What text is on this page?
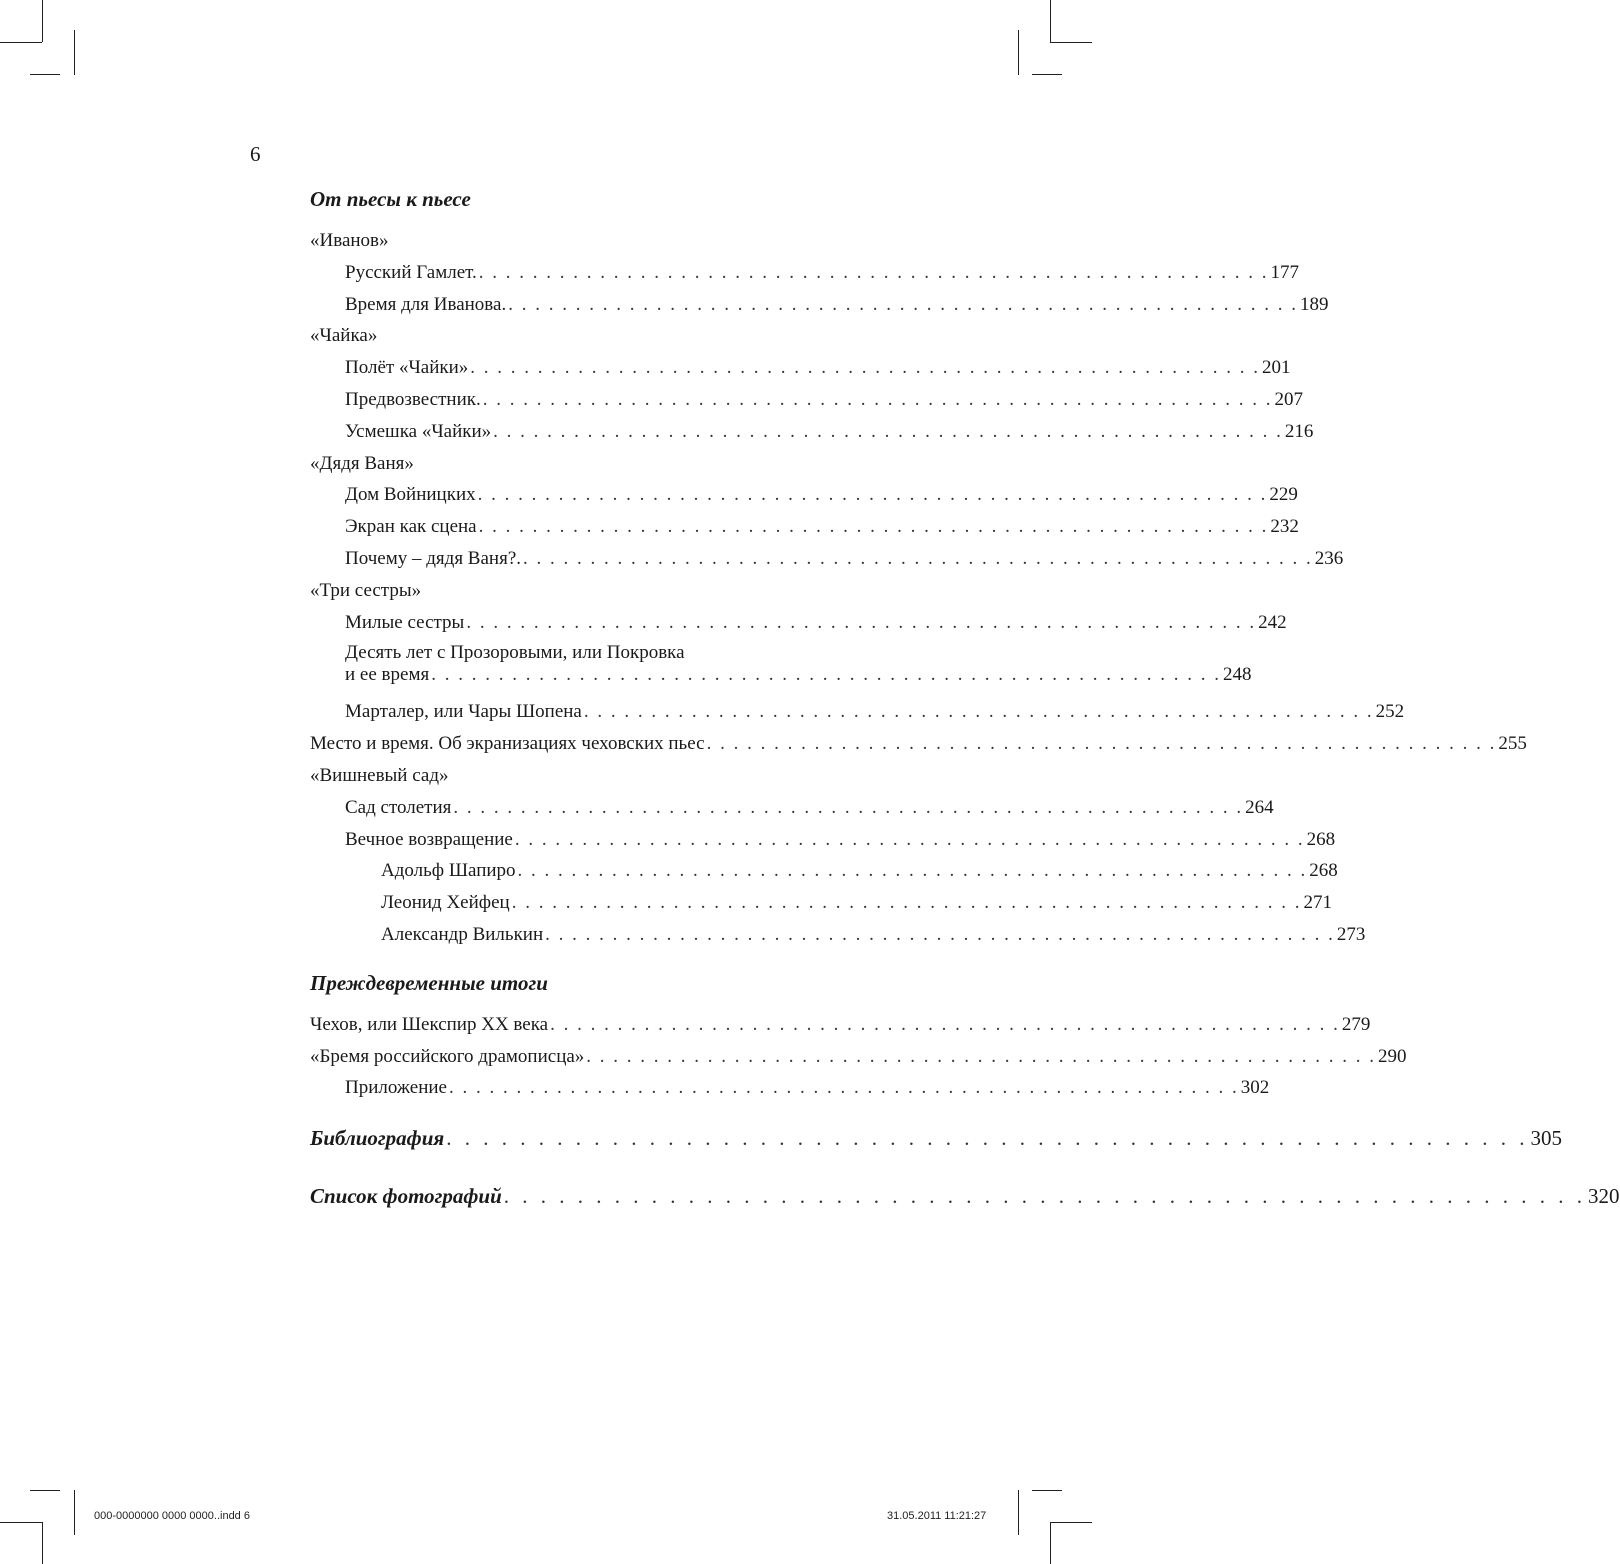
6
От пьесы к пьесе
«Иванов»
Русский Гамлет. . . . . . . . . . . . . . . . . . . . . . . . . . . . . . . . . . . . . . . . . . . . . . . . . . . . . . . . . . . . 177
Время для Иванова. . . . . . . . . . . . . . . . . . . . . . . . . . . . . . . . . . . . . . . . . . . . . . . . . . . . . . . . . . . . 189
«Чайка»
Полёт «Чайки» . . . . . . . . . . . . . . . . . . . . . . . . . . . . . . . . . . . . . . . . . . . . . . . . . . . . . . . . . . . 201
Предвозвестник. . . . . . . . . . . . . . . . . . . . . . . . . . . . . . . . . . . . . . . . . . . . . . . . . . . . . . . . . . . . 207
Усмешка «Чайки» . . . . . . . . . . . . . . . . . . . . . . . . . . . . . . . . . . . . . . . . . . . . . . . . . . . . . . . . . . . 216
«Дядя Ваня»
Дом Войницких . . . . . . . . . . . . . . . . . . . . . . . . . . . . . . . . . . . . . . . . . . . . . . . . . . . . . . . . . . . 229
Экран как сцена . . . . . . . . . . . . . . . . . . . . . . . . . . . . . . . . . . . . . . . . . . . . . . . . . . . . . . . . . . . 232
Почему – дядя Ваня?. . . . . . . . . . . . . . . . . . . . . . . . . . . . . . . . . . . . . . . . . . . . . . . . . . . . . . . . . . . . 236
«Три сестры»
Милые сестры . . . . . . . . . . . . . . . . . . . . . . . . . . . . . . . . . . . . . . . . . . . . . . . . . . . . . . . . . . . 242
Десять лет с Прозоровыми, или Покровка
и ее время . . . . . . . . . . . . . . . . . . . . . . . . . . . . . . . . . . . . . . . . . . . . . . . . . . . . . . . . . . . 248
Марталер, или Чары Шопена . . . . . . . . . . . . . . . . . . . . . . . . . . . . . . . . . . . . . . . . . . . . . . . . . . . . . . . . . . . 252
Место и время. Об экранизациях чеховских пьес . . . . . . . . . . . . . . . . . . . . . . . . . . . . . . . . . . . . . . . . . . . . . . . . . . . . . . . . . . . 255
«Вишневый сад»
Сад столетия . . . . . . . . . . . . . . . . . . . . . . . . . . . . . . . . . . . . . . . . . . . . . . . . . . . . . . . . . . . 264
Вечное возвращение . . . . . . . . . . . . . . . . . . . . . . . . . . . . . . . . . . . . . . . . . . . . . . . . . . . . . . . . . . . 268
Адольф Шапиро . . . . . . . . . . . . . . . . . . . . . . . . . . . . . . . . . . . . . . . . . . . . . . . . . . . . . . . . . . . 268
Леонид Хейфец . . . . . . . . . . . . . . . . . . . . . . . . . . . . . . . . . . . . . . . . . . . . . . . . . . . . . . . . . . . 271
Александр Вилькин . . . . . . . . . . . . . . . . . . . . . . . . . . . . . . . . . . . . . . . . . . . . . . . . . . . . . . . . . . . 273
Преждевременные итоги
Чехов, или Шекспир XX века . . . . . . . . . . . . . . . . . . . . . . . . . . . . . . . . . . . . . . . . . . . . . . . . . . . . . . . . . . . 279
«Бремя российского драмописца» . . . . . . . . . . . . . . . . . . . . . . . . . . . . . . . . . . . . . . . . . . . . . . . . . . . . . . . . . . . 290
Приложение . . . . . . . . . . . . . . . . . . . . . . . . . . . . . . . . . . . . . . . . . . . . . . . . . . . . . . . . . . . 302
Библиография . . . . . . . . . . . . . . . . . . . . . . . . . . . . . . . . . . . . . . . . . . . . . . . . . . . . . . . . . . . 305
Список фотографий . . . . . . . . . . . . . . . . . . . . . . . . . . . . . . . . . . . . . . . . . . . . . . . . . . . . . . . . . . . 320
000-0000000 0000 0000..indd 6	31.05.2011 11:21:27
